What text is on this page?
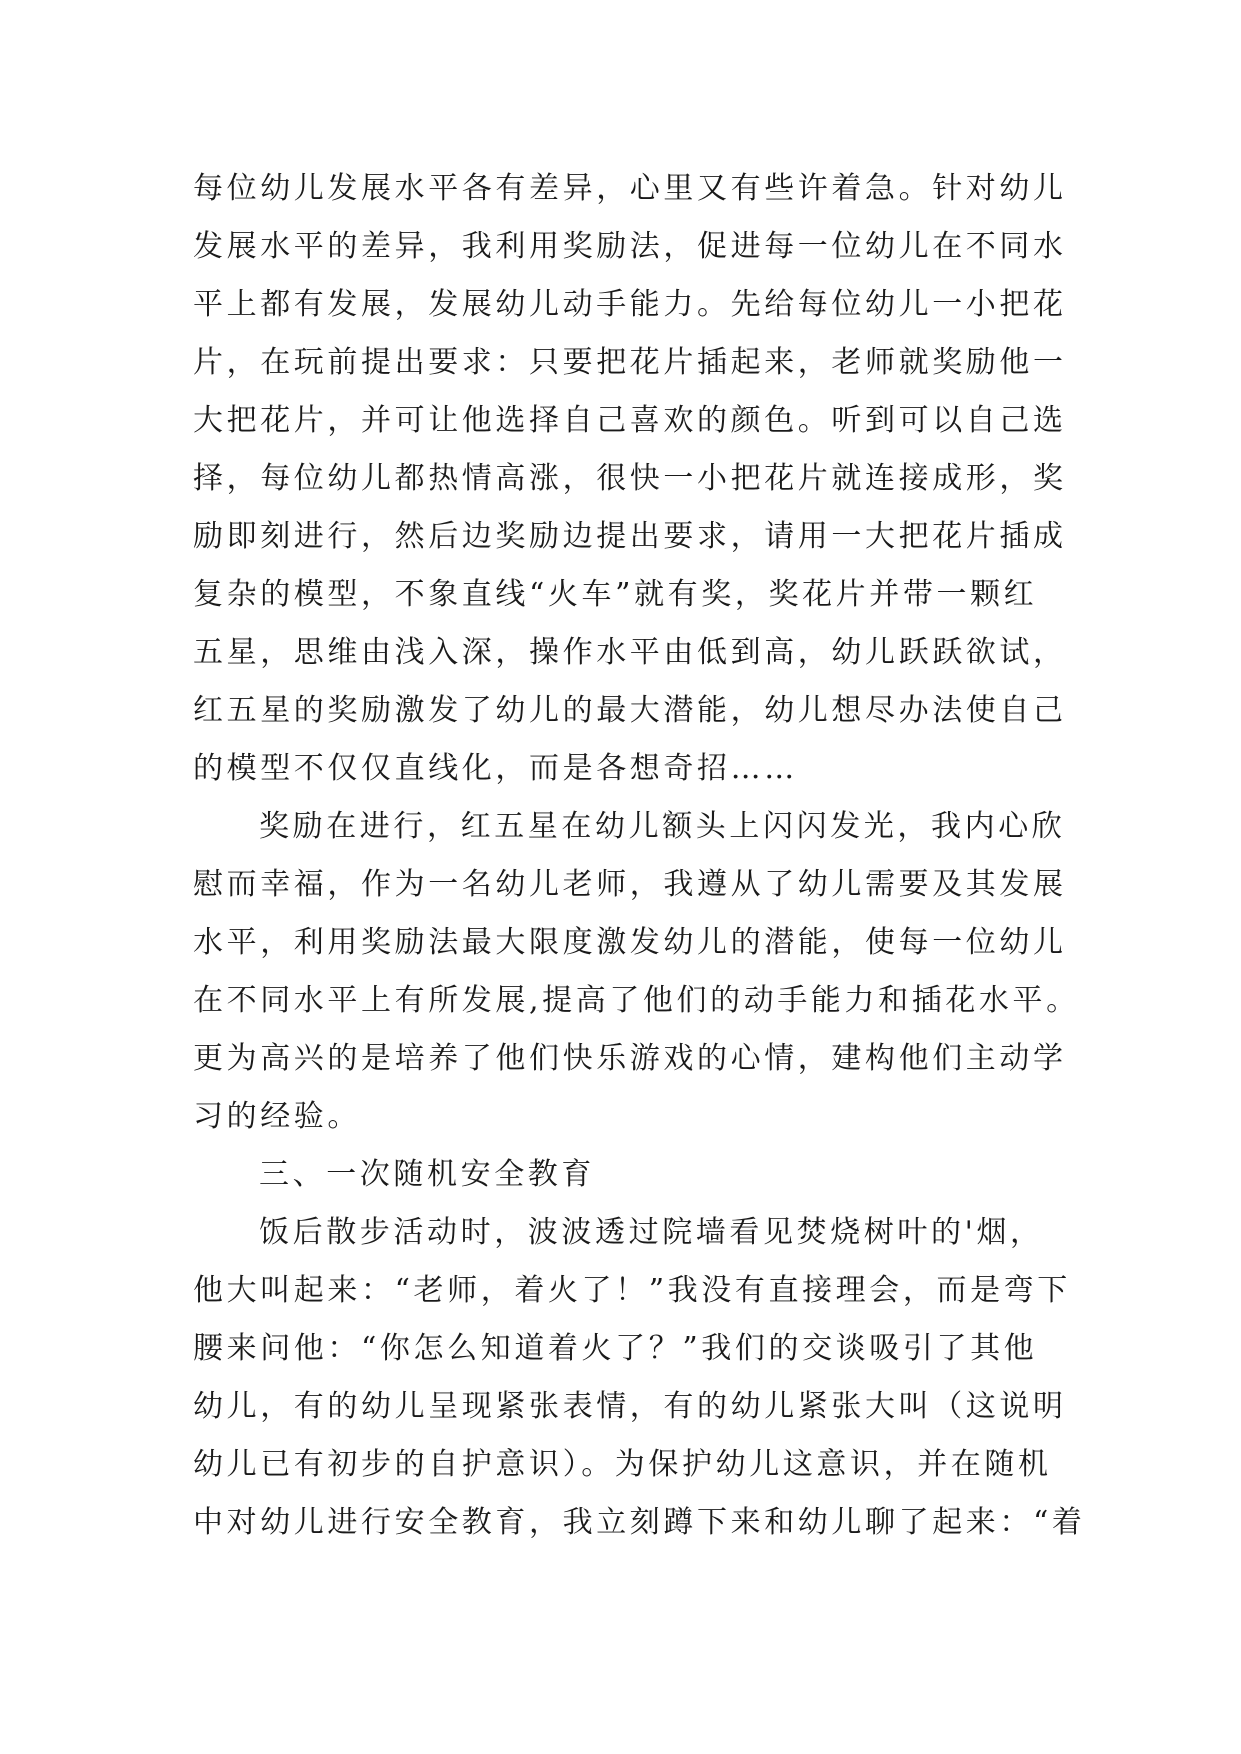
每位幼儿发展水平各有差异，心里又有些许着急。针对幼儿
发展水平的差异，我利用奖励法，促进每一位幼儿在不同水
平上都有发展，发展幼儿动手能力。先给每位幼儿一小把花
片，在玩前提出要求：只要把花片插起来，老师就奖励他一
大把花片，并可让他选择自己喜欢的颜色。听到可以自己选
择，每位幼儿都热情高涨，很快一小把花片就连接成形，奖
励即刻进行，然后边奖励边提出要求，请用一大把花片插成
复杂的模型，不象直线“火车”就有奖，奖花片并带一颗红
五星，思维由浅入深，操作水平由低到高，幼儿跃跃欲试，
红五星的奖励激发了幼儿的最大潜能，幼儿想尽办法使自己
的模型不仅仅直线化，而是各想奇招……
奖励在进行，红五星在幼儿额头上闪闪发光，我内心欣
慰而幸福，作为一名幼儿老师，我遵从了幼儿需要及其发展
水平，利用奖励法最大限度激发幼儿的潜能，使每一位幼儿
在不同水平上有所发展,提高了他们的动手能力和插花水平。
更为高兴的是培养了他们快乐游戏的心情，建构他们主动学
习的经验。
三、一次随机安全教育
饭后散步活动时，波波透过院墙看见焚烧树叶的'烟，
他大叫起来：“老师，着火了！”我没有直接理会，而是弯下
腰来问他：“你怎么知道着火了？”我们的交谈吸引了其他
幼儿，有的幼儿呈现紧张表情，有的幼儿紧张大叫（这说明
幼儿已有初步的自护意识）。为保护幼儿这意识，并在随机
中对幼儿进行安全教育，我立刻蹲下来和幼儿聊了起来：“着
